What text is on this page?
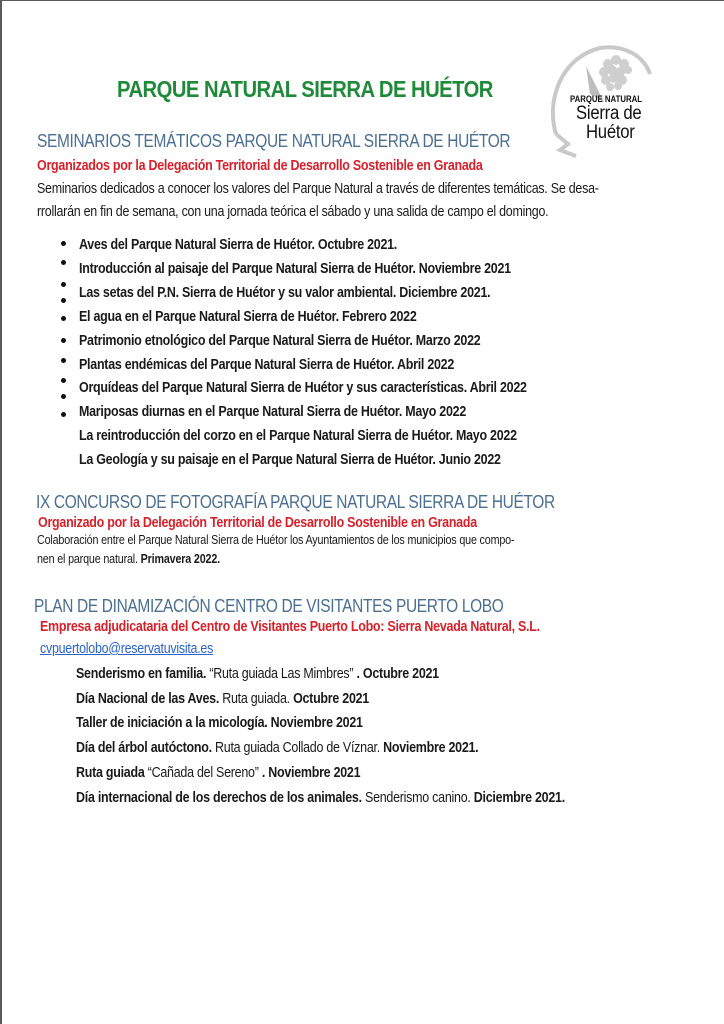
PARQUE NATURAL SIERRA DE HUÉTOR	PARQUE NATURAL
Sierra de
Huétor
SEMINARIOS TEMÁTICOS PARQUE NATURAL SIERRA DE HUÉTOR
Organizados por la Delegación Territorial de Desarrollo Sostenible en Granada
Seminarios dedicados a conocer los valores del Parque Natural a través de diferentes temáticas. Se desa-
rrollarán en fin de semana, con una jornada teórica el sábado y una salida de campo el domingo.
Aves del Parque Natural Sierra de Huétor. Octubre 2021.
Introducción al paisaje del Parque Natural Sierra de Huétor. Noviembre 2021
Las setas del P.N. Sierra de Huétor y su valor ambiental. Diciembre 2021.
El agua en el Parque Natural Sierra de Huétor. Febrero 2022
Patrimonio etnológico del Parque Natural Sierra de Huétor. Marzo 2022
Plantas endémicas del Parque Natural Sierra de Huétor. Abril 2022
Orquídeas del Parque Natural Sierra de Huétor y sus características. Abril 2022
Mariposas diurnas en el Parque Natural Sierra de Huétor. Mayo 2022
La reintroducción del corzo en el Parque Natural Sierra de Huétor. Mayo 2022
La Geología y su paisaje en el Parque Natural Sierra de Huétor. Junio 2022
IX CONCURSO DE FOTOGRAFÍA PARQUE NATURAL SIERRA DE HUÉTOR
Organizado por la Delegación Territorial de Desarrollo Sostenible en Granada
Colaboración entre el Parque Natural Sierra de Huétor los Ayuntamientos de los municipios que compo-
nen el parque natural. Primavera 2022.
PLAN DE DINAMIZACIÓN CENTRO DE VISITANTES PUERTO LOBO
Empresa adjudicataria del Centro de Visitantes Puerto Lobo: Sierra Nevada Natural, S.L.
cvpuertolobo@reservatuvisita.es
Senderismo en familia. “Ruta guiada Las Mimbres” . Octubre 2021
Día Nacional de las Aves. Ruta guiada. Octubre 2021
Taller de iniciación a la micología. Noviembre 2021
Día del árbol autóctono. Ruta guiada Collado de Víznar. Noviembre 2021.
Ruta guiada “Cañada del Sereno” . Noviembre 2021
Día internacional de los derechos de los animales. Senderismo canino. Diciembre 2021.
